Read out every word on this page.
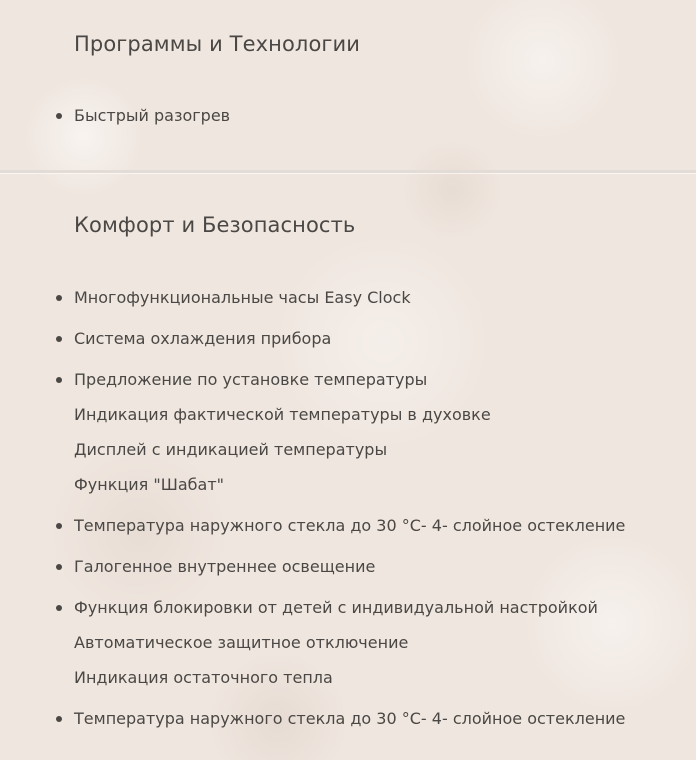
Программы и Технологии
Быстрый разогрев
Комфорт и Безопасность
Многофункциональные часы Easy Clock
Система охлаждения прибора
Предложение по установке температуры
Индикация фактической температуры в духовке
Дисплей с индикацией температуры
Функция "Шабат"
Температура наружного стекла до 30 °C- 4- слойное остекление
Галогенное внутреннее освещение
Функция блокировки от детей с индивидуальной настройкой
Автоматическое защитное отключение
Индикация остаточного тепла
Температура наружного стекла до 30 °C- 4- слойное остекление
